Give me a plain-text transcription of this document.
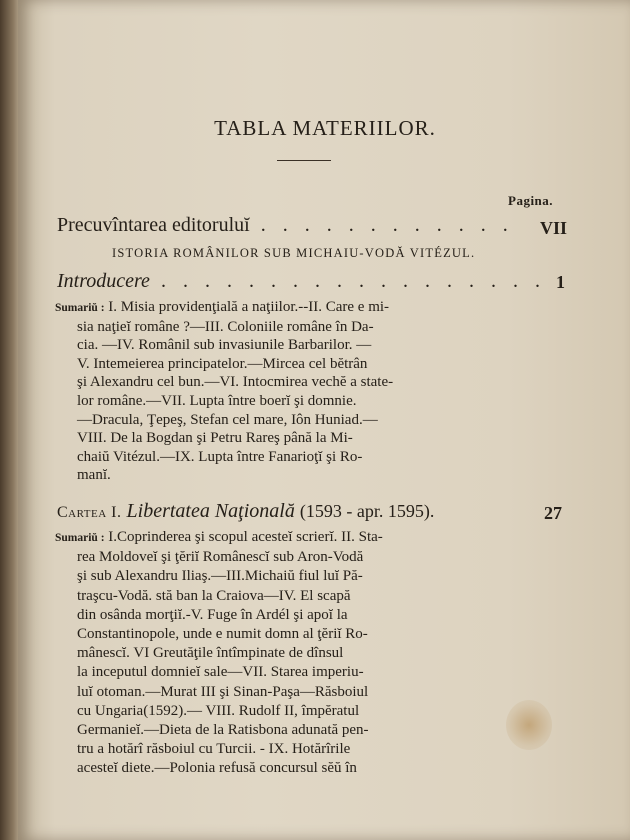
TABLA MATERIILOR.
Pagina.
Precuvîntarea editoruluĭ . . . . . . . . . . . . VII
ISTORIA ROMÂNILOR SUB MICHAIU-VODĂ VITÉZUL.
Introducere . . . . . . . . . . . . . . . . . . 1

Sumariŭ : I. Misia providenţială a naţiilor.--II. Care e mi-
sia naţieĭ române ?—III. Coloniile române în Da-
cia. —IV. Românil sub invasiunile Barbarilor. —
V. Intemeierea principatelor.—Mircea cel bĕtrân
şi Alexandru cel bun.—VI. Intocmirea vechĕ a state-
lor române.—VII. Lupta între boerĭ şi domnie.
—Dracula, Ţepeş, Stefan cel mare, Iôn Huniad.—
VIII. De la Bogdan şi Petru Rareş până la Mi-
chaiŭ Vitézul.—IX. Lupta între Fanarioţĭ şi Ro-
manĭ.

Cartea I. Libertatea Naţională (1593 - apr. 1595).	27

Sumariŭ : I.Coprinderea şi scopul acesteĭ scrierĭ. II. Sta-
rea Moldoveĭ şi ţĕriĭ Românescĭ sub Aron-Vodă
şi sub Alexandru Iliaş.—III.Michaiŭ fiul luĭ Pă-
traşcu-Vodă. stă ban la Craiova—IV. El scapă
din osânda morţiĭ.-V. Fuge în Ardél şi apoĭ la
Constantinopole, unde e numit domn al ţĕriĭ Ro-
mânescĭ. VI Greutăţile întîmpinate de dînsul
la inceputul domnieĭ sale—VII. Starea imperiu-
luĭ otoman.—Murat III şi Sinan-Paşa—Răsboiul
cu Ungaria(1592).— VIII. Rudolf II, împĕratul
Germanieĭ.—Dieta de la Ratisbona adunată pen-
tru a hotărî răsboiul cu Turcii. - IX. Hotărîrile
acesteĭ diete.—Polonia refusă concursul sĕŭ în
